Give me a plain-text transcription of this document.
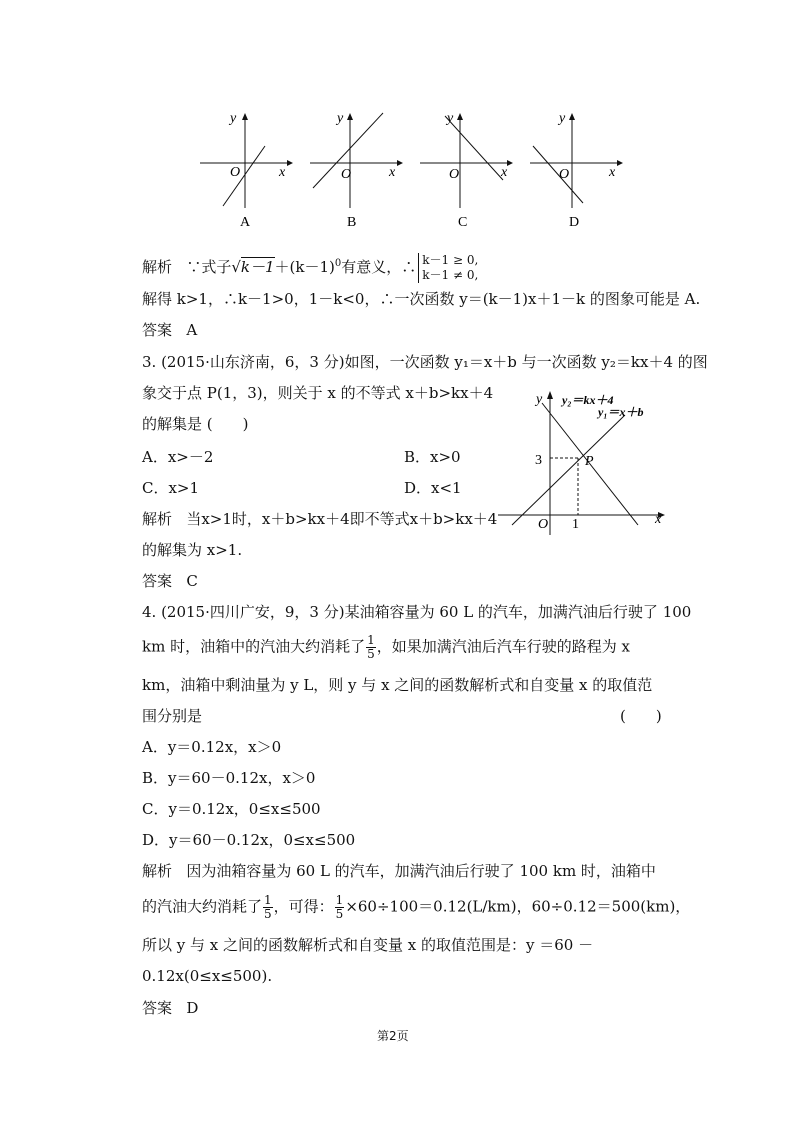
y
x
O
A
y
x
O
B
y
x
O
C
y
x
O
D
解析 ∵式子$√k-1+(k-1)^0$有意义，∴ k－1 ≥ 0,
k－1 ≠ 0,
解得 k>1，∴k－1>0，1－k<0，∴一次函数 y＝(k－1)x＋1－k 的图象可能是 A.
答案 A
3. (2015·山东济南，6，3 分)如图，一次函数 y₁＝x＋b 与一次函数 y₂＝kx＋4 的图
象交于点 P(1，3)，则关于 x 的不等式 x＋b>kx＋4
的解集是 (　　)
A．x>－2	B．x>0
C．x>1	D．x<1
解析 当x>1时，x＋b>kx＋4即不等式x＋b>kx＋4
的解集为 x>1.
答案 C
y
x
O
y₂＝kx＋4
y₁＝x＋b
P
3
1
4. (2015·四川广安，9，3 分)某油箱容量为 60 L 的汽车，加满汽油后行驶了 100
km 时，油箱中的汽油大约消耗了 $\frac{1}{5}$ ，如果加满汽油后汽车行驶的路程为 x
km，油箱中剩油量为 y L，则 y 与 x 之间的函数解析式和自变量 x 的取值范
围分别是	(　　)
A．y＝0.12x，x＞0
B．y＝60－0.12x，x＞0
C．y＝0.12x，0≤x≤500
D．y＝60－0.12x，0≤x≤500
解析 因为油箱容量为 60 L 的汽车，加满汽油后行驶了 100 km 时，油箱中
的汽油大约消耗了 $\frac{1}{5}$ ，可得： $\frac{1}{5} \times 60\div 100=0.12(L/km)$，60÷0.12＝500(km)，
所以 y 与 x 之间的函数解析式和自变量 x 的取值范围是：y ＝60 －
0.12x(0≤x≤500).
答案 D
第2页
